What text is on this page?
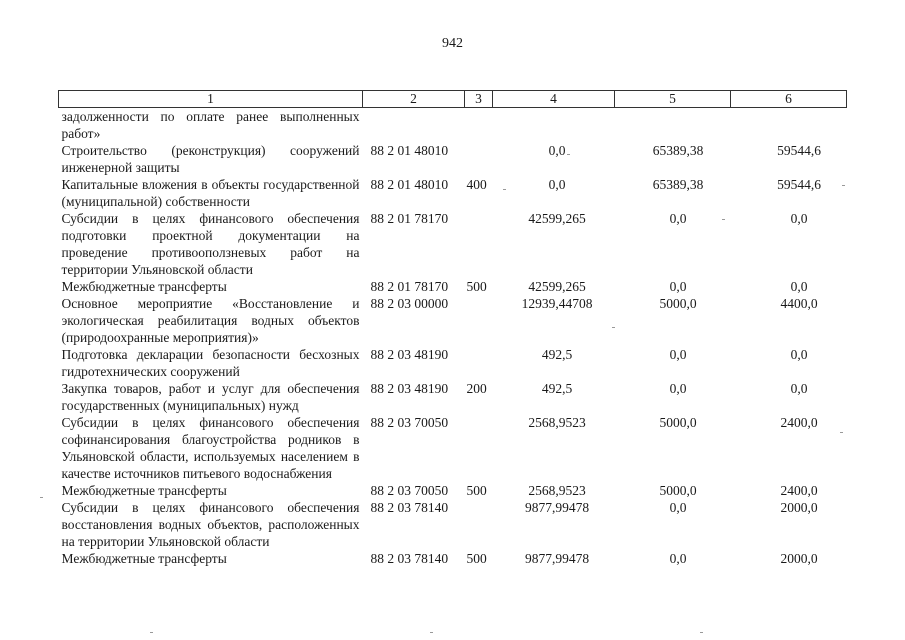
942
1	2	3	4	5	6
задолженности по оплате ранее выполненных работ»					
Строительство (реконструкция) сооружений инженерной защиты	88 2 01 48010		0,0	65389,38	59544,6
Капитальные вложения в объекты государственной (муниципальной) собственности	88 2 01 48010	400	0,0	65389,38	59544,6
Субсидии в целях финансового обеспечения подготовки проектной документации на проведение противооползневых работ на территории Ульяновской области	88 2 01 78170		42599,265	0,0	0,0
Межбюджетные трансферты	88 2 01 78170	500	42599,265	0,0	0,0
Основное мероприятие «Восстановление и экологическая реабилитация водных объектов (природоохранные мероприятия)»	88 2 03 00000		12939,44708	5000,0	4400,0
Подготовка декларации безопасности бесхозных гидротехнических сооружений	88 2 03 48190		492,5	0,0	0,0
Закупка товаров, работ и услуг для обеспечения государственных (муниципальных) нужд	88 2 03 48190	200	492,5	0,0	0,0
Субсидии в целях финансового обеспечения софинансирования благоустройства родников в Ульяновской области, используемых населением в качестве источников питьевого водоснабжения	88 2 03 70050		2568,9523	5000,0	2400,0
Межбюджетные трансферты	88 2 03 70050	500	2568,9523	5000,0	2400,0
Субсидии в целях финансового обеспечения восстановления водных объектов, расположенных на территории Ульяновской области	88 2 03 78140		9877,99478	0,0	2000,0
Межбюджетные трансферты	88 2 03 78140	500	9877,99478	0,0	2000,0
